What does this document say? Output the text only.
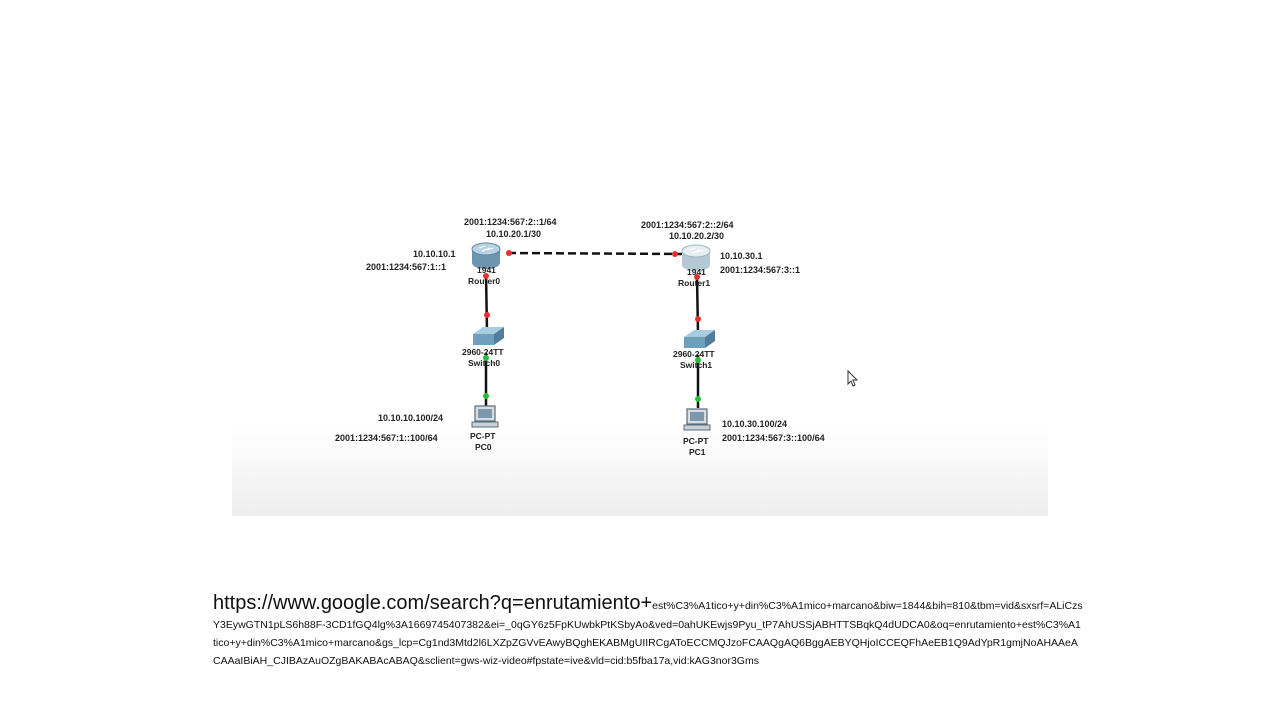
2001:1234:567:2::1/64
10.10.20.1/30
10.10.10.1
2001:1234:567:1::1	1941
Router0
2001:1234:567:2::2/64
10.10.20.2/30
10.10.30.1
2001:1234:567:3::1
1941
Router1
2960-24TT
Switch0
2960-24TT
Switch1
10.10.10.100/24
2001:1234:567:1::100/64	PC-PT
PC0
10.10.30.100/24
2001:1234:567:3::100/64
PC-PT
PC1
https://www.google.com/search?q=enrutamiento+est%C3%A1tico+y+din%C3%A1mico+marcano&biw=1844&bih=810&tbm=vid&sxsrf=ALiCzsY3EywGTN1pLS6h88F-3CD1fGQ4lg%3A1669745407382&ei=_0qGY6z5FpKUwbkPtKSbyAo&ved=0ahUKEwjs9Pyu_tP7AhUSSjABHTTSBqkQ4dUDCA0&oq=enrutamiento+est%C3%A1tico+y+din%C3%A1mico+marcano&gs_lcp=Cg1nd3Mtd2l6LXZpZGVvEAwyBQghEKABMgUIIRCgAToECCMQJzoFCAAQgAQ6BggAEBYQHjoICCEQFhAeEB1Q9AdYpR1gmjNoAHAAeACAAaIBiAH_CJIBAzAuOZgBAKABAcABAQ&sclient=gws-wiz-video#fpstate=ive&vld=cid:b5fba17a,vid:kAG3nor3Gms
